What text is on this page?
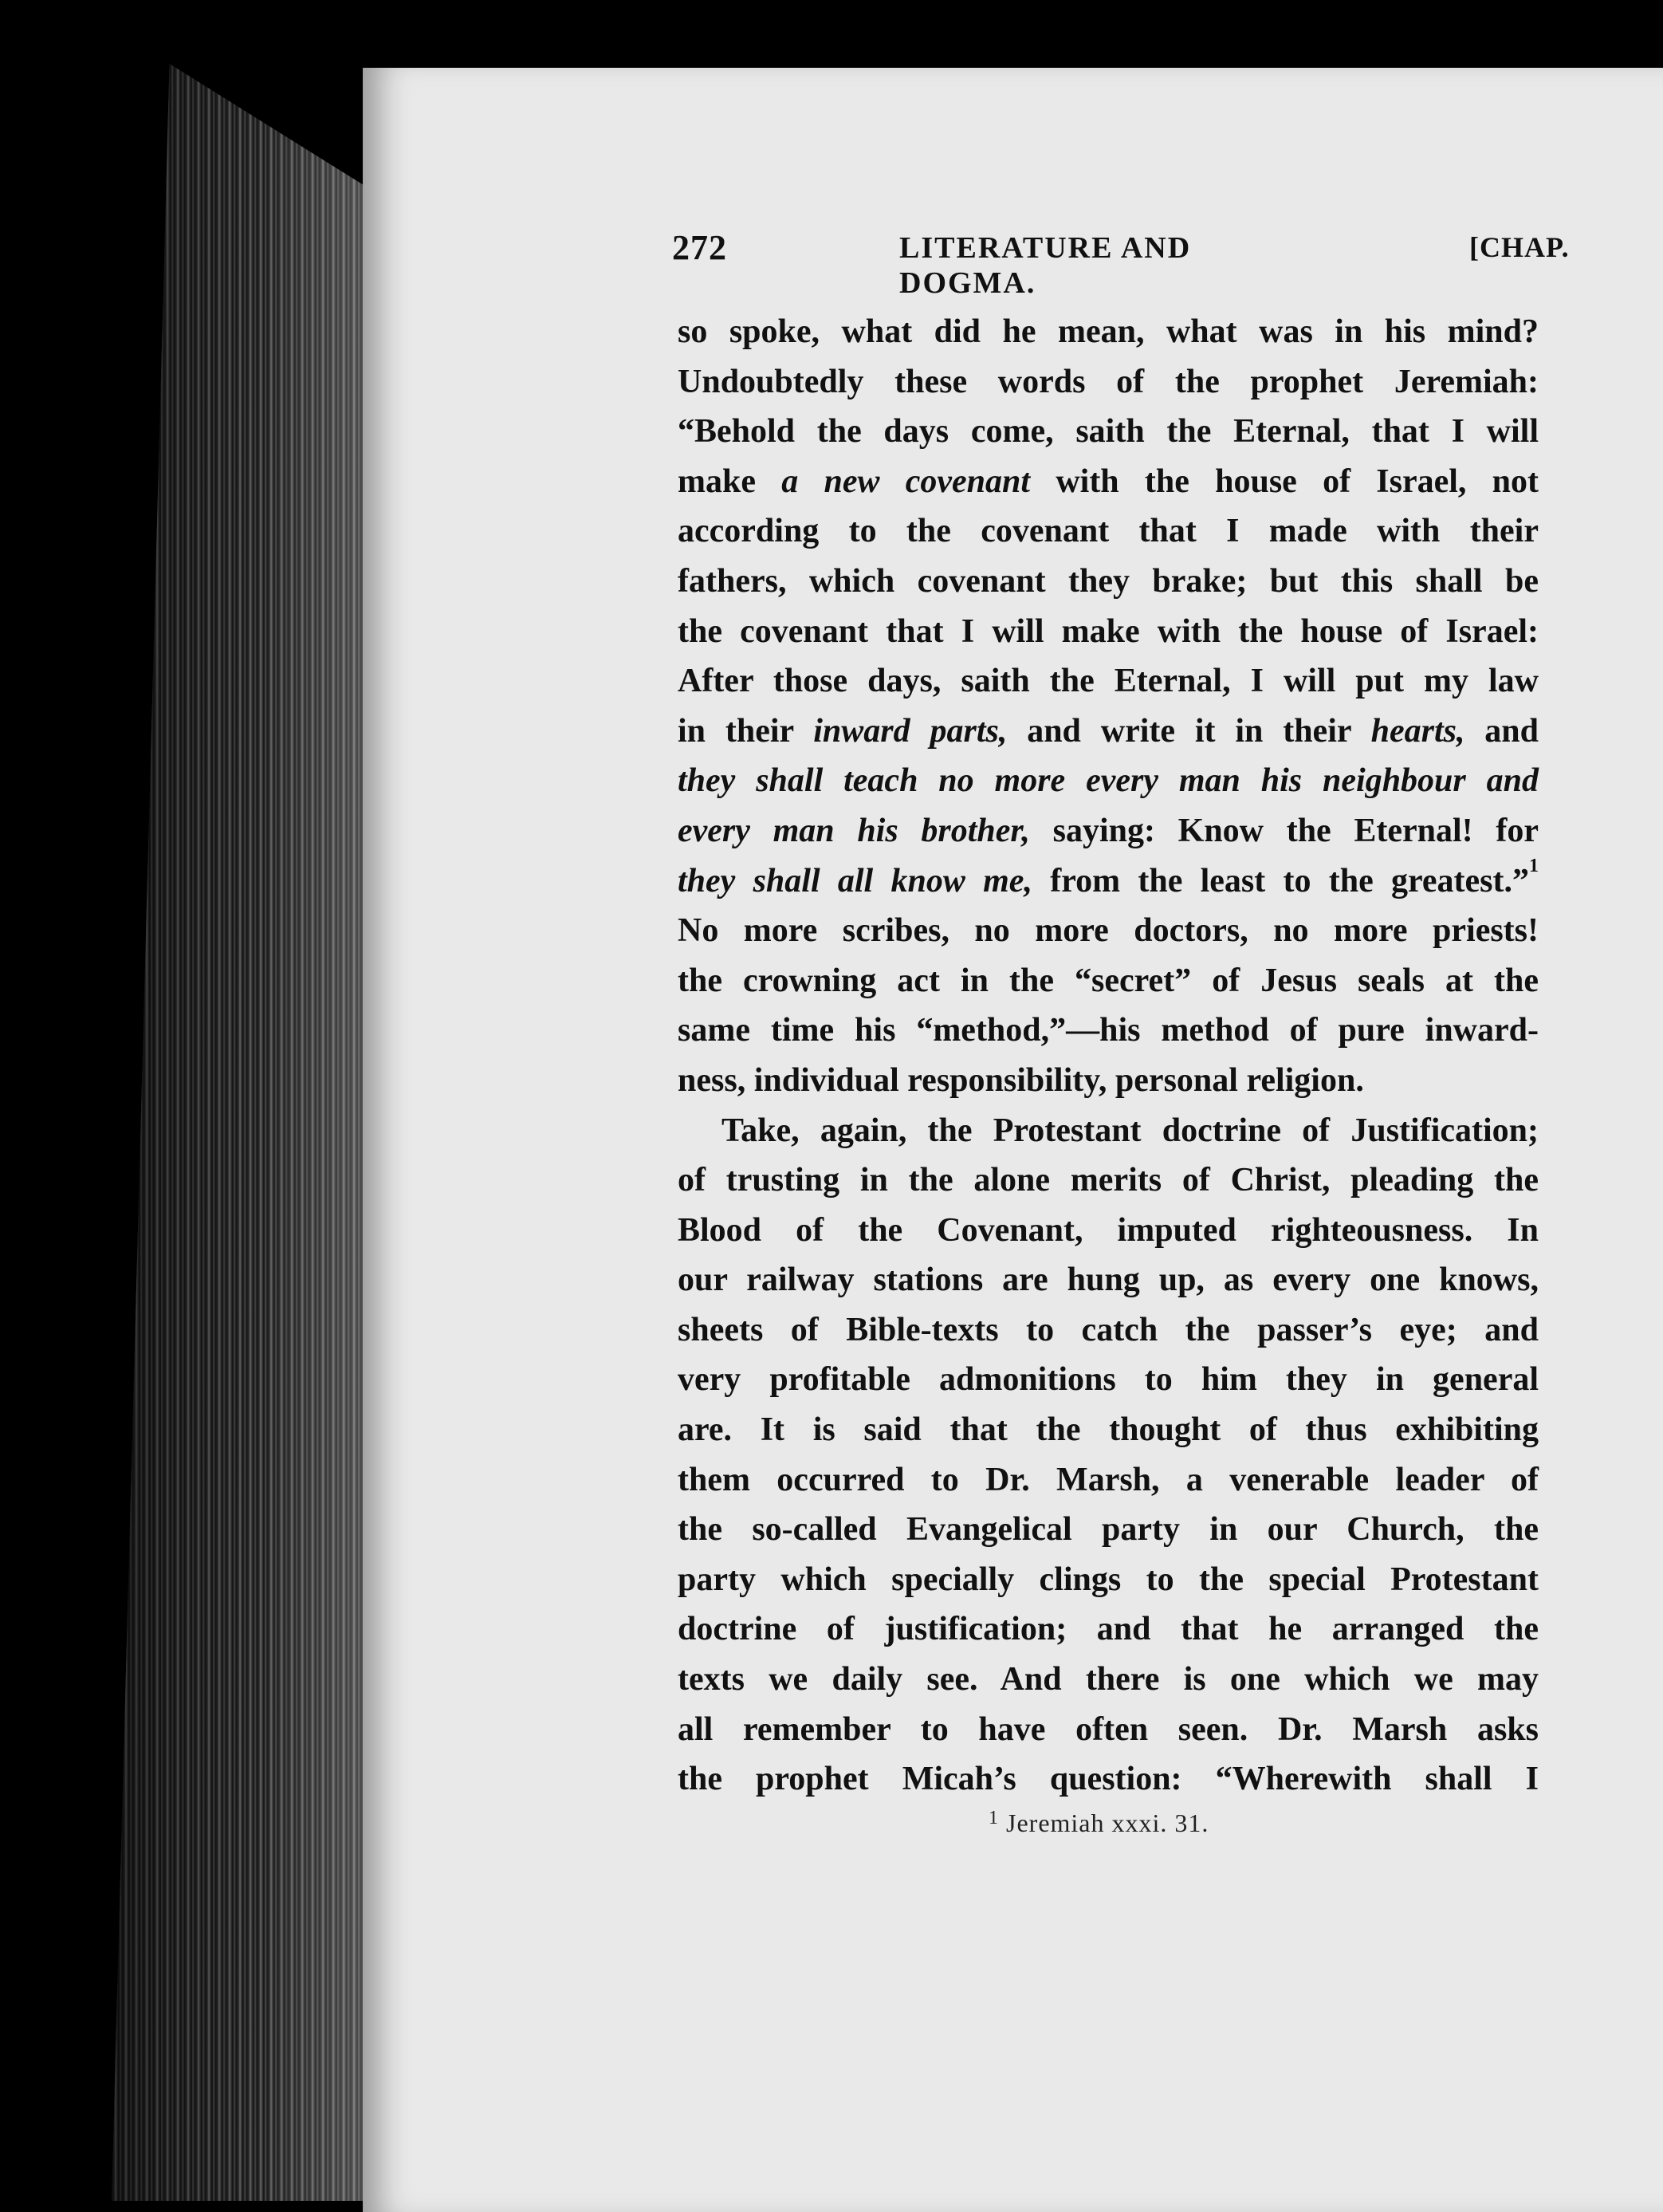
272	LITERATURE AND DOGMA.
[CHAP.
so spoke, what did he mean, what was in his mind?
Undoubtedly these words of the prophet Jeremiah:
“Behold the days come, saith the Eternal, that I will
make a new covenant with the house of Israel, not
according to the covenant that I made with their
fathers, which covenant they brake; but this shall be
the covenant that I will make with the house of Israel:
After those days, saith the Eternal, I will put my law
in their inward parts, and write it in their hearts, and
they shall teach no more every man his neighbour and
every man his brother, saying: Know the Eternal! for
they shall all know me, from the least to the greatest.”$^1$
No more scribes, no more doctors, no more priests!
the crowning act in the “secret” of Jesus seals at the
same time his “method,”—his method of pure inward-
ness, individual responsibility, personal religion.
Take, again, the Protestant doctrine of Justification;
of trusting in the alone merits of Christ, pleading the
Blood of the Covenant, imputed righteousness. In
our railway stations are hung up, as every one knows,
sheets of Bible-texts to catch the passer’s eye; and
very profitable admonitions to him they in general
are. It is said that the thought of thus exhibiting
them occurred to Dr. Marsh, a venerable leader of
the so-called Evangelical party in our Church, the
party which specially clings to the special Protestant
doctrine of justification; and that he arranged the
texts we daily see. And there is one which we may
all remember to have often seen. Dr. Marsh asks
the prophet Micah’s question: “Wherewith shall I
$^1$ Jeremiah xxxi. 31.
